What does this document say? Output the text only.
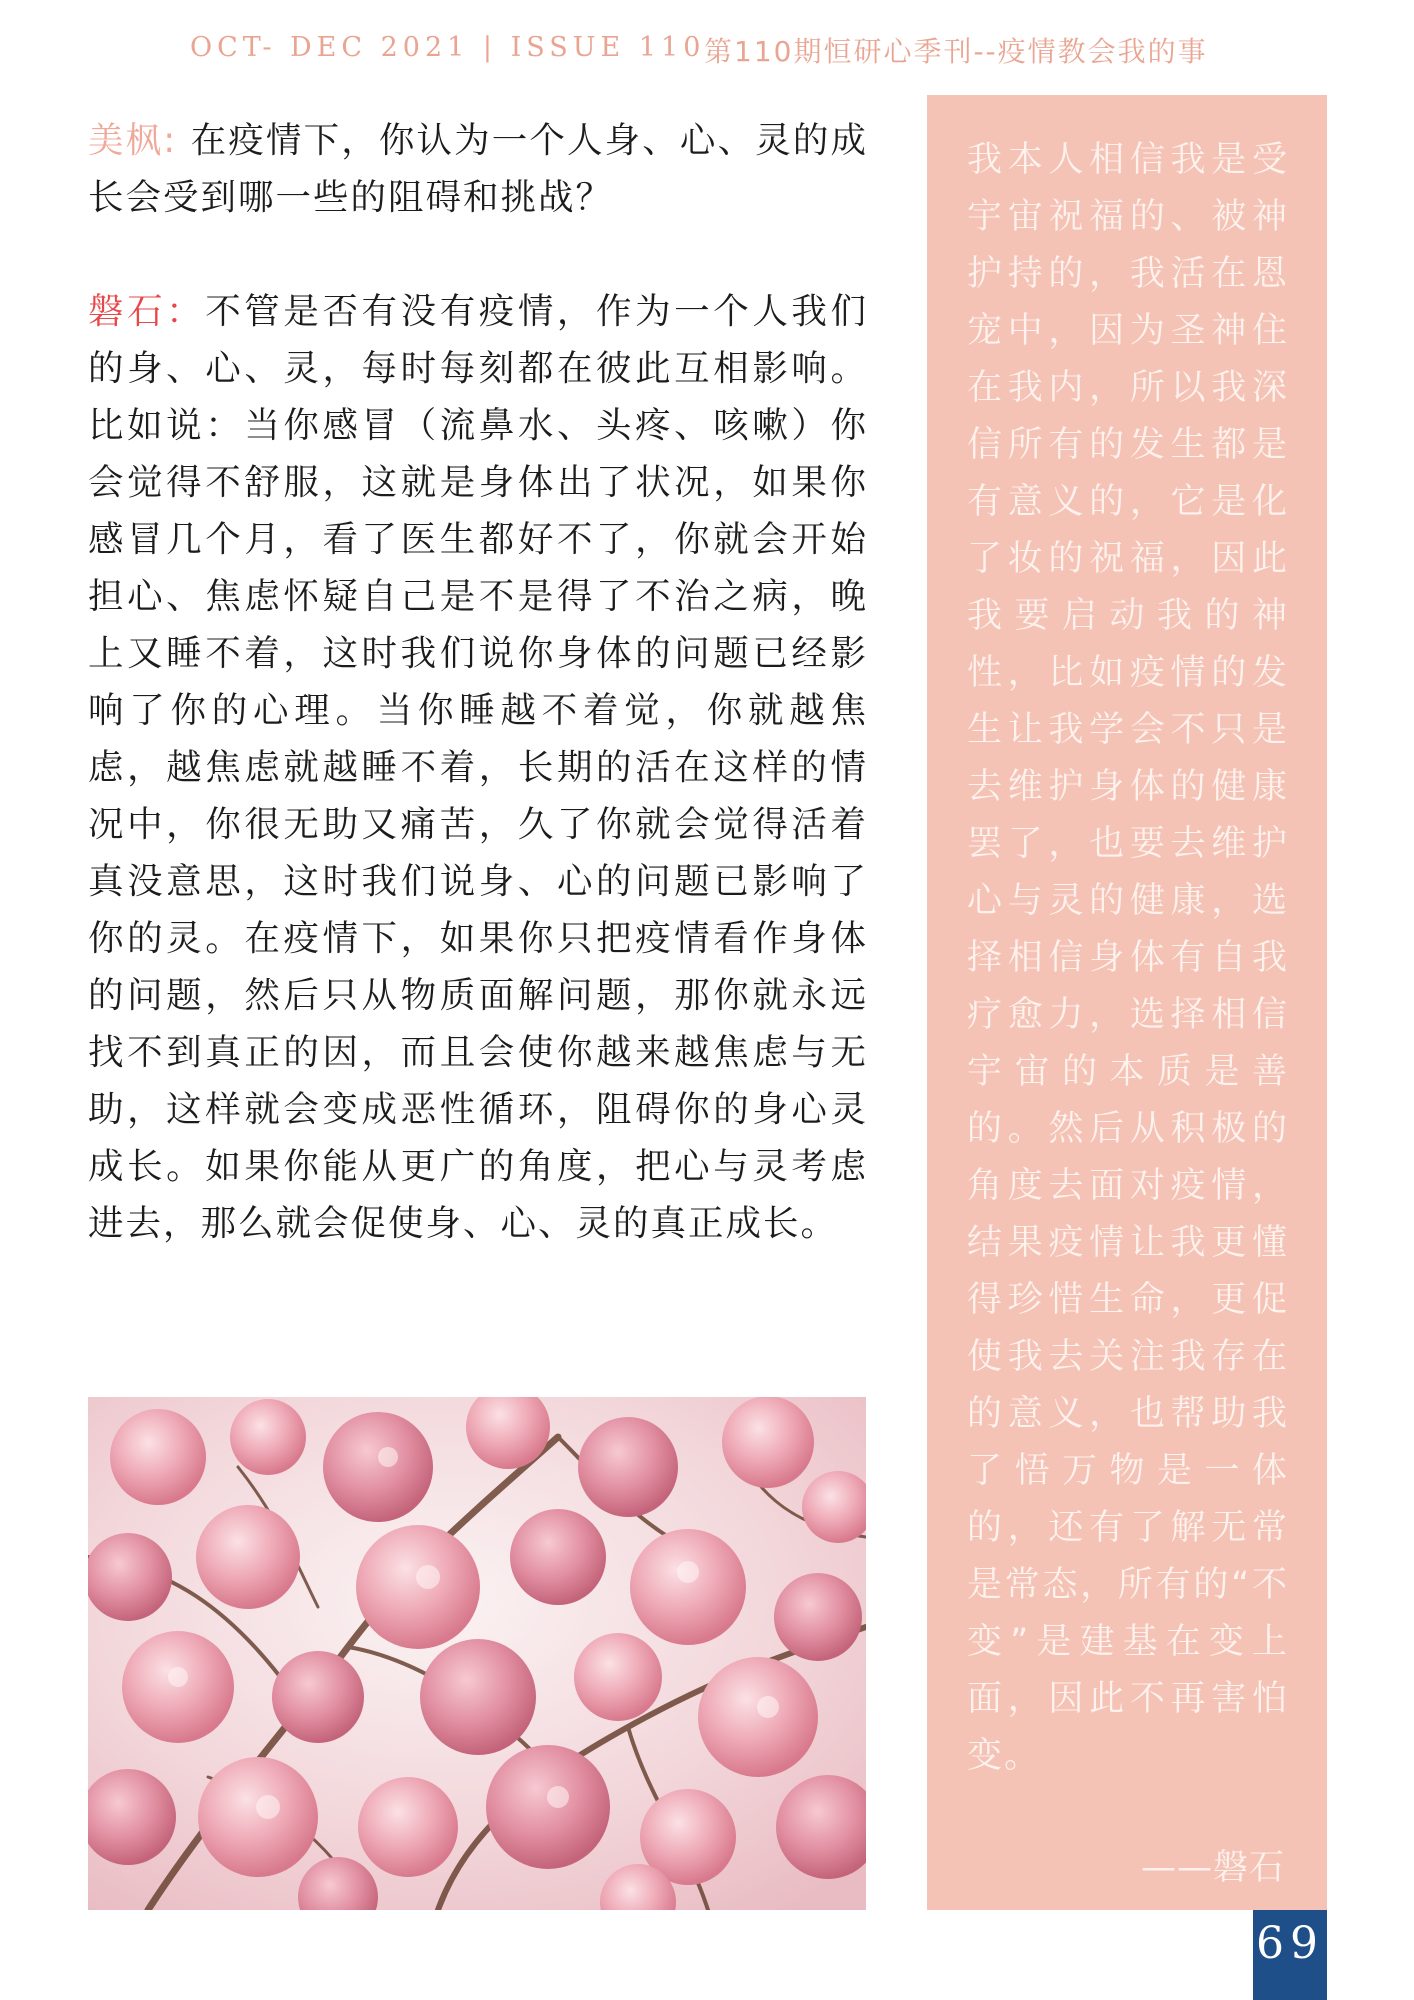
OCT- DEC 2021 | ISSUE 110
第110期恒研心季刊--疫情教会我的事

美枫: 在疫情下，你认为一个人身、心、灵的成长会受到哪一些的阻碍和挑战？

磐石：不管是否有没有疫情，作为一个人我们的身、心、灵，每时每刻都在彼此互相影响。比如说：当你感冒（流鼻水、头疼、咳嗽）你会觉得不舒服，这就是身体出了状况，如果你感冒几个月，看了医生都好不了，你就会开始担心、焦虑怀疑自己是不是得了不治之病，晚上又睡不着，这时我们说你身体的问题已经影响了你的心理。当你睡越不着觉，你就越焦虑，越焦虑就越睡不着，长期的活在这样的情况中，你很无助又痛苦，久了你就会觉得活着真没意思，这时我们说身、心的问题已影响了你的灵。在疫情下，如果你只把疫情看作身体的问题，然后只从物质面解问题，那你就永远找不到真正的因，而且会使你越来越焦虑与无助，这样就会变成恶性循环，阻碍你的身心灵成长。如果你能从更广的角度，把心与灵考虑进去，那么就会促使身、心、灵的真正成长。

我本人相信我是受宇宙祝福的、被神护持的，我活在恩宠中，因为圣神住在我内，所以我深信所有的发生都是有意义的，它是化了妆的祝福，因此我要启动我的神性，比如疫情的发生让我学会不只是去维护身体的健康罢了，也要去维护心与灵的健康，选择相信身体有自我疗愈力，选择相信宇宙的本质是善的。然后从积极的角度去面对疫情，结果疫情让我更懂得珍惜生命，更促使我去关注我存在的意义，也帮助我了悟万物是一体的，还有了解无常是常态，所有的“不变”是建基在变上面，因此不再害怕变。
——磐石
69
